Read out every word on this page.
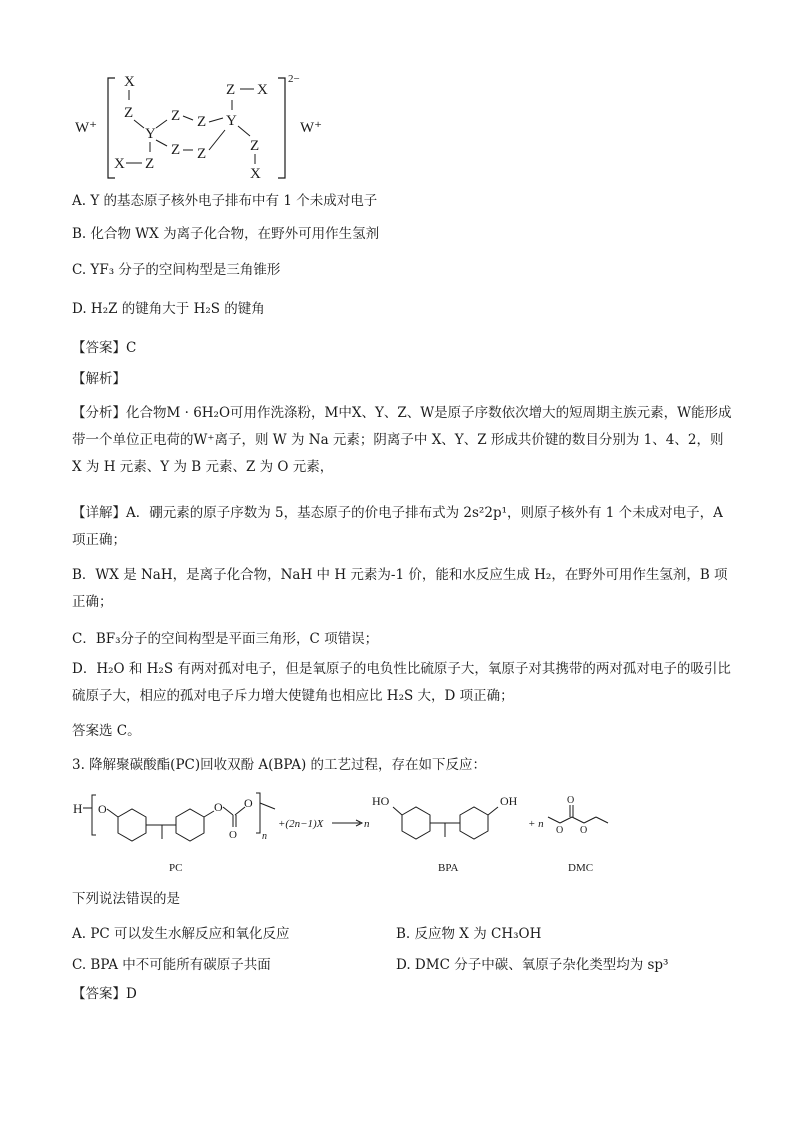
W⁺
2−
W⁺
X
Z
Y
Z
X
Z Z
Z Z
Y
Z X
Z
X
A. Y 的基态原子核外电子排布中有 1 个未成对电子
B. 化合物 WX 为离子化合物，在野外可用作生氢剂
C. YF₃ 分子的空间构型是三角锥形
D. H₂Z 的键角大于 H₂S 的键角
【答案】C
【解析】
【分析】化合物M · 6H₂O可用作洗涤粉，M中X、Y、Z、W是原子序数依次增大的短周期主族元素，W能形成带一个单位正电荷的W⁺离子，则 W 为 Na 元素；阴离子中 X、Y、Z 形成共价键的数目分别为 1、4、2，则 X 为 H 元素、Y 为 B 元素、Z 为 O 元素，
【详解】A．硼元素的原子序数为 5，基态原子的价电子排布式为 2s²2p¹，则原子核外有 1 个未成对电子，A 项正确；
B．WX 是 NaH，是离子化合物，NaH 中 H 元素为-1 价，能和水反应生成 H₂，在野外可用作生氢剂，B 项正确；
C．BF₃分子的空间构型是平面三角形，C 项错误；
D．H₂O 和 H₂S 有两对孤对电子，但是氧原子的电负性比硫原子大，氧原子对其携带的两对孤对电子的吸引比硫原子大，相应的孤对电子斥力增大使键角也相应比 H₂S 大，D 项正确；
答案选 C。
3. 降解聚碳酸酯(PC)回收双酚 A(BPA) 的工艺过程，存在如下反应：
H O	O
O
O
n
PC
+(2n−1)X	n
HO	OH
BPA
+ n
O
O O
DMC
下列说法错误的是
A. PC 可以发生水解反应和氧化反应	B. 反应物 X 为 CH₃OH
C. BPA 中不可能所有碳原子共面	D. DMC 分子中碳、氧原子杂化类型均为 sp³
【答案】D
